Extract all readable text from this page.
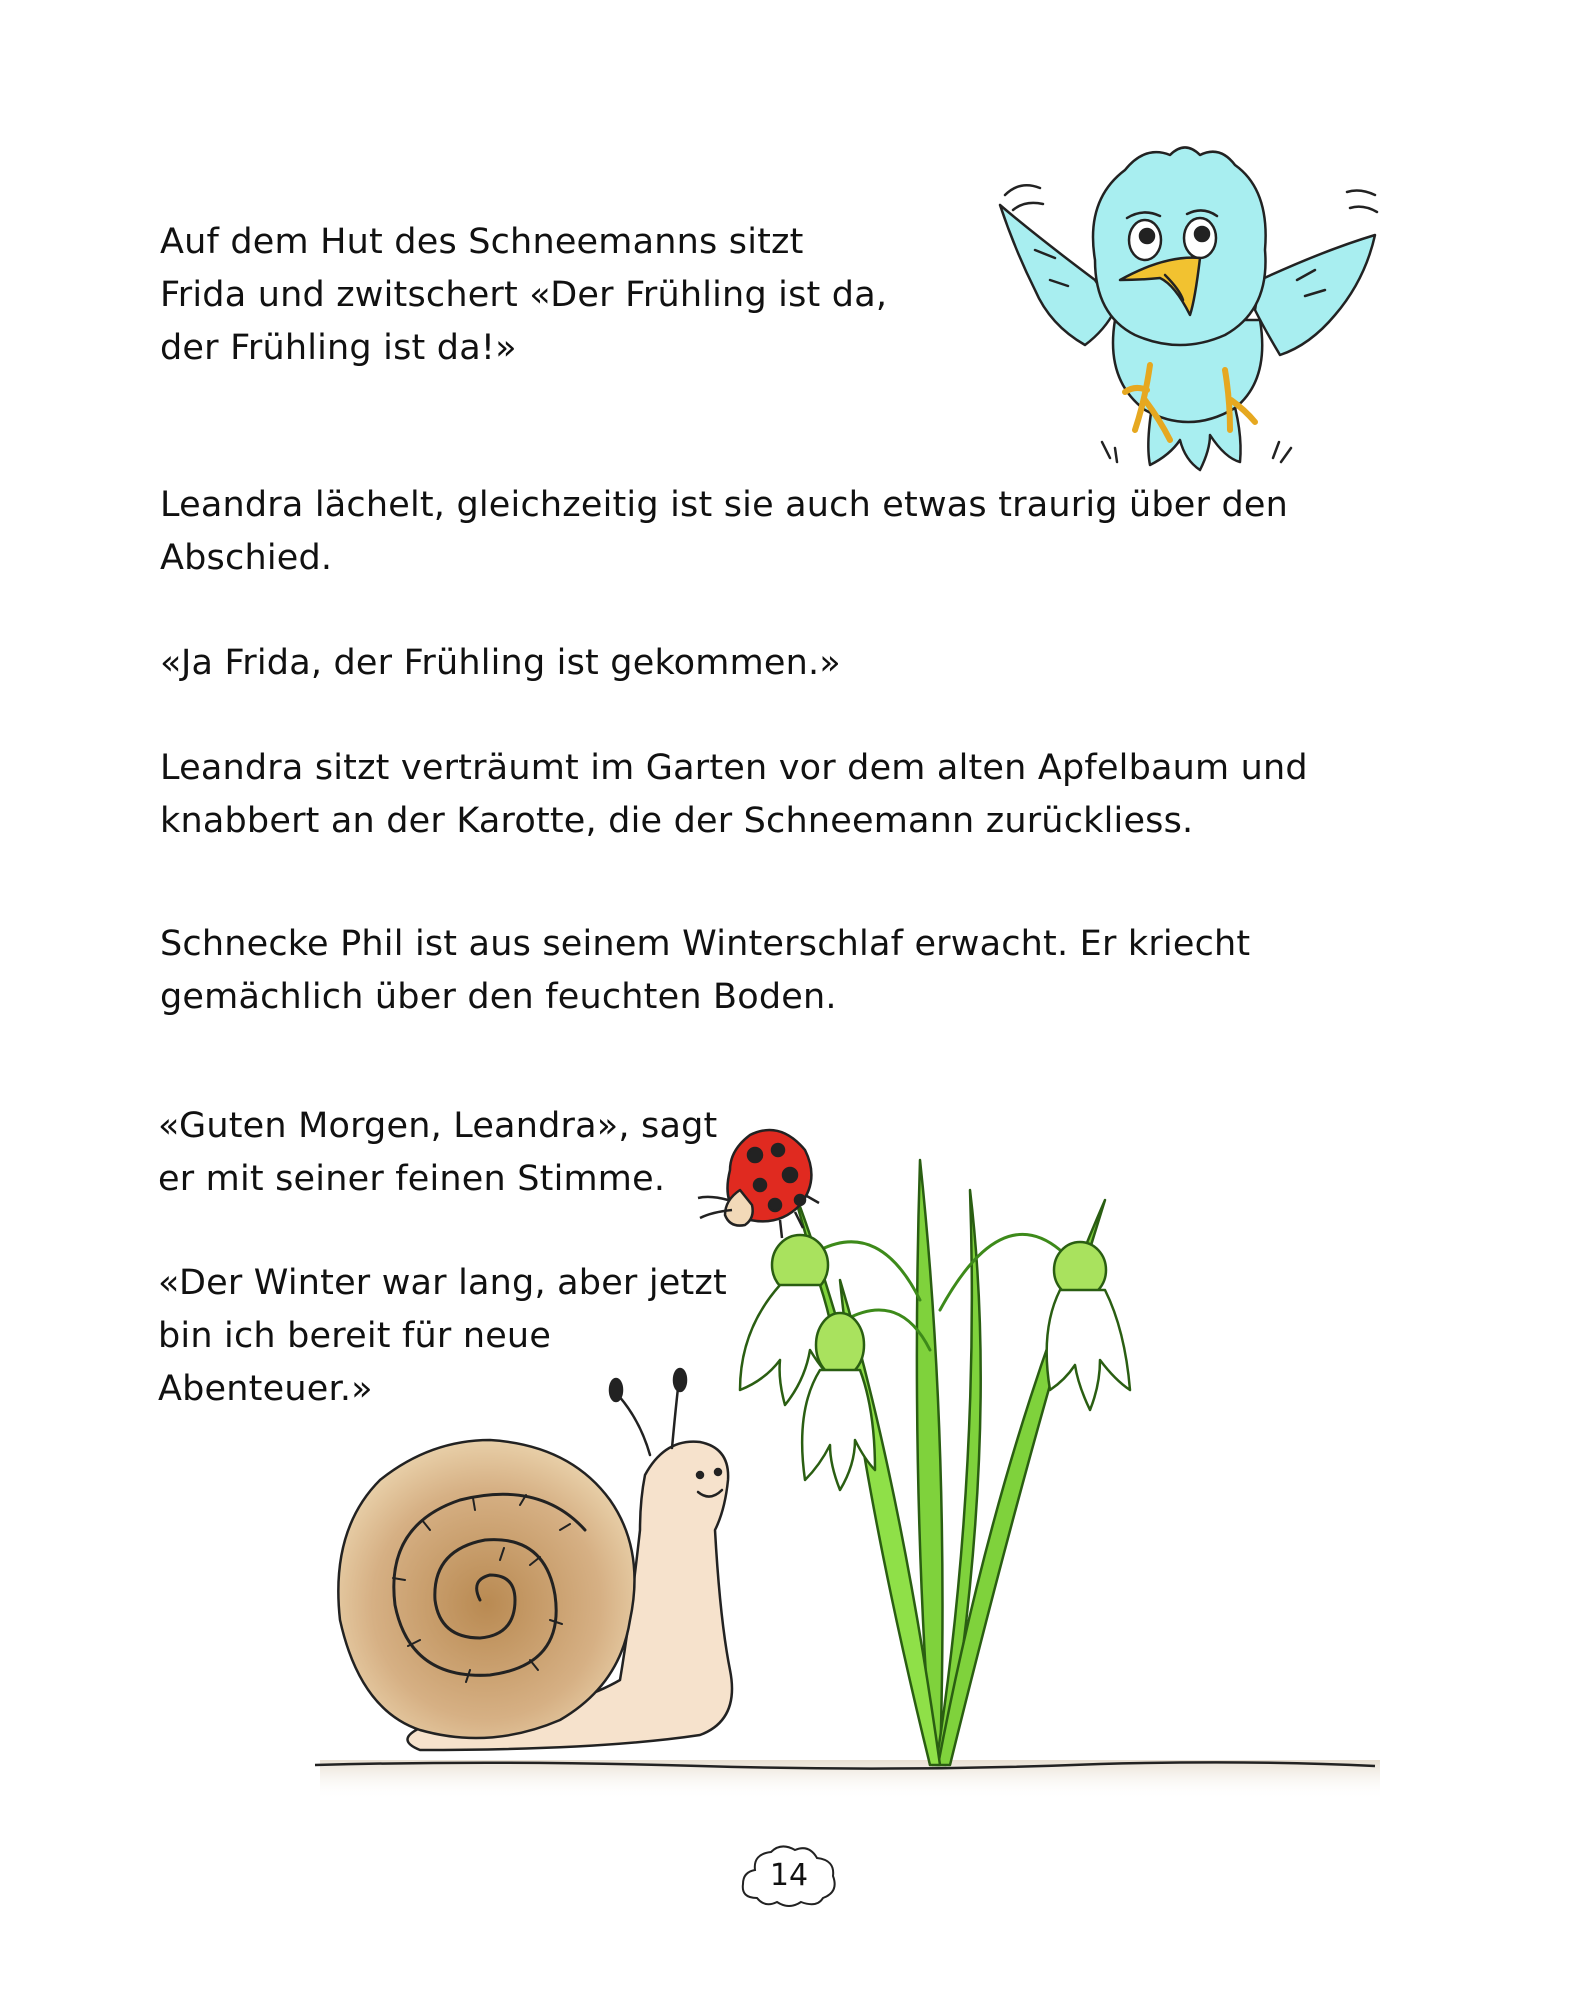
Auf dem Hut des Schneemanns sitzt
Frida und zwitschert «Der Frühling ist da,
der Frühling ist da!»

Leandra lächelt, gleichzeitig ist sie auch etwas traurig über den
Abschied.

«Ja Frida, der Frühling ist gekommen.»

Leandra sitzt verträumt im Garten vor dem alten Apfelbaum und
knabbert an der Karotte, die der Schneemann zurückliess.

Schnecke Phil ist aus seinem Winterschlaf erwacht. Er kriecht
gemächlich über den feuchten Boden.

«Guten Morgen, Leandra», sagt
er mit seiner feinen Stimme.

«Der Winter war lang, aber jetzt
bin ich bereit für neue
Abenteuer.»

14
